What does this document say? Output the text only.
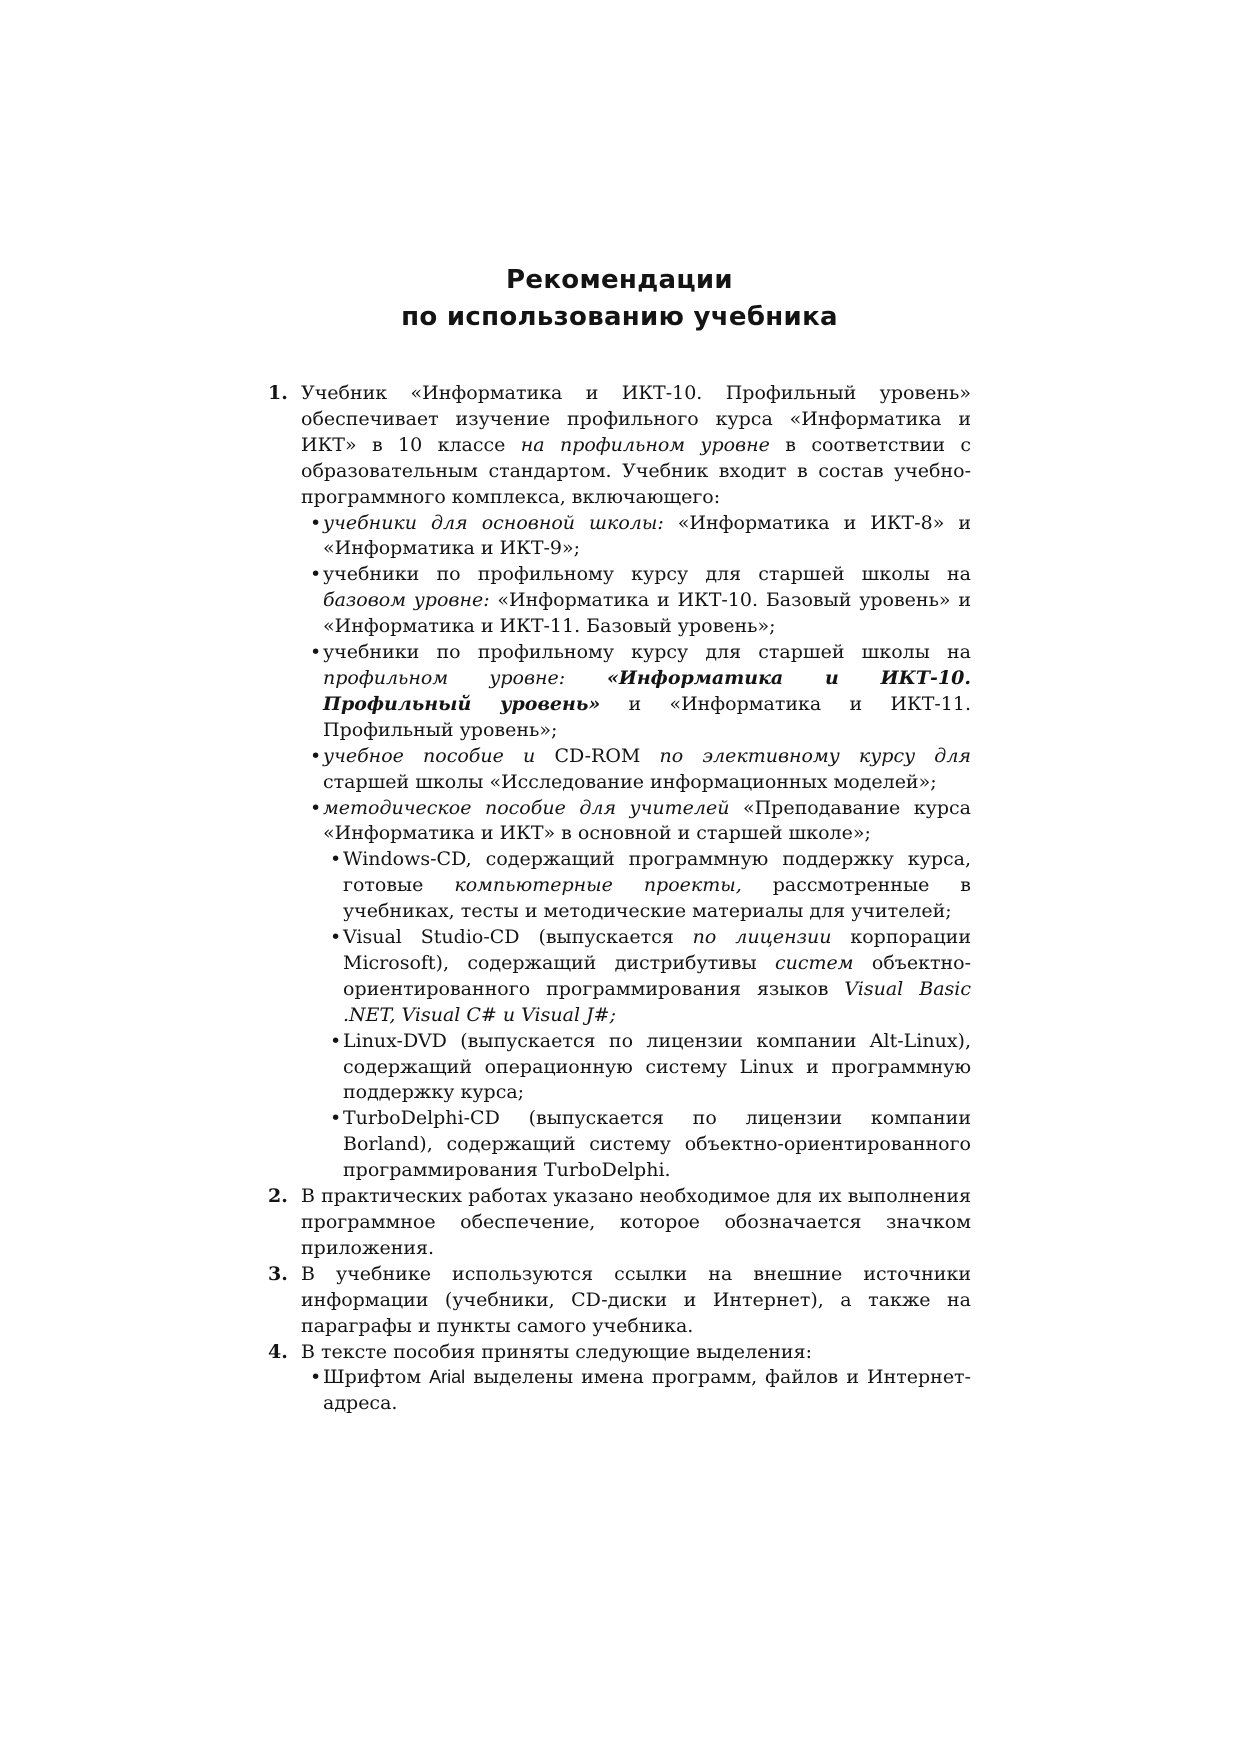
Рекомендации
по использованию учебника
1. Учебник «Информатика и ИКТ-10. Профильный уровень» обеспечивает изучение профильного курса «Информатика и ИКТ» в 10 классе на профильном уровне в соответствии с образовательным стандартом. Учебник входит в состав учебно-программного комплекса, включающего:
• учебники для основной школы: «Информатика и ИКТ-8» и «Информатика и ИКТ-9»;
• учебники по профильному курсу для старшей школы на базовом уровне: «Информатика и ИКТ-10. Базовый уровень» и «Информатика и ИКТ-11. Базовый уровень»;
• учебники по профильному курсу для старшей школы на профильном уровне: «Информатика и ИКТ-10. Профильный уровень» и «Информатика и ИКТ-11. Профильный уровень»;
• учебное пособие и CD-ROM по элективному курсу для старшей школы «Исследование информационных моделей»;
• методическое пособие для учителей «Преподавание курса «Информатика и ИКТ» в основной и старшей школе»;
• Windows-CD, содержащий программную поддержку курса, готовые компьютерные проекты, рассмотренные в учебниках, тесты и методические материалы для учителей;
• Visual Studio-CD (выпускается по лицензии корпорации Microsoft), содержащий дистрибутивы систем объектно-ориентированного программирования языков Visual Basic .NET, Visual C# и Visual J#;
• Linux-DVD (выпускается по лицензии компании Alt-Linux), содержащий операционную систему Linux и программную поддержку курса;
• TurboDelphi-CD (выпускается по лицензии компании Borland), содержащий систему объектно-ориентированного программирования TurboDelphi.
2. В практических работах указано необходимое для их выполнения программное обеспечение, которое обозначается значком приложения.
3. В учебнике используются ссылки на внешние источники информации (учебники, CD-диски и Интернет), а также на параграфы и пункты самого учебника.
4. В тексте пособия приняты следующие выделения:
• Шрифтом Arial выделены имена программ, файлов и Интернет-адреса.
